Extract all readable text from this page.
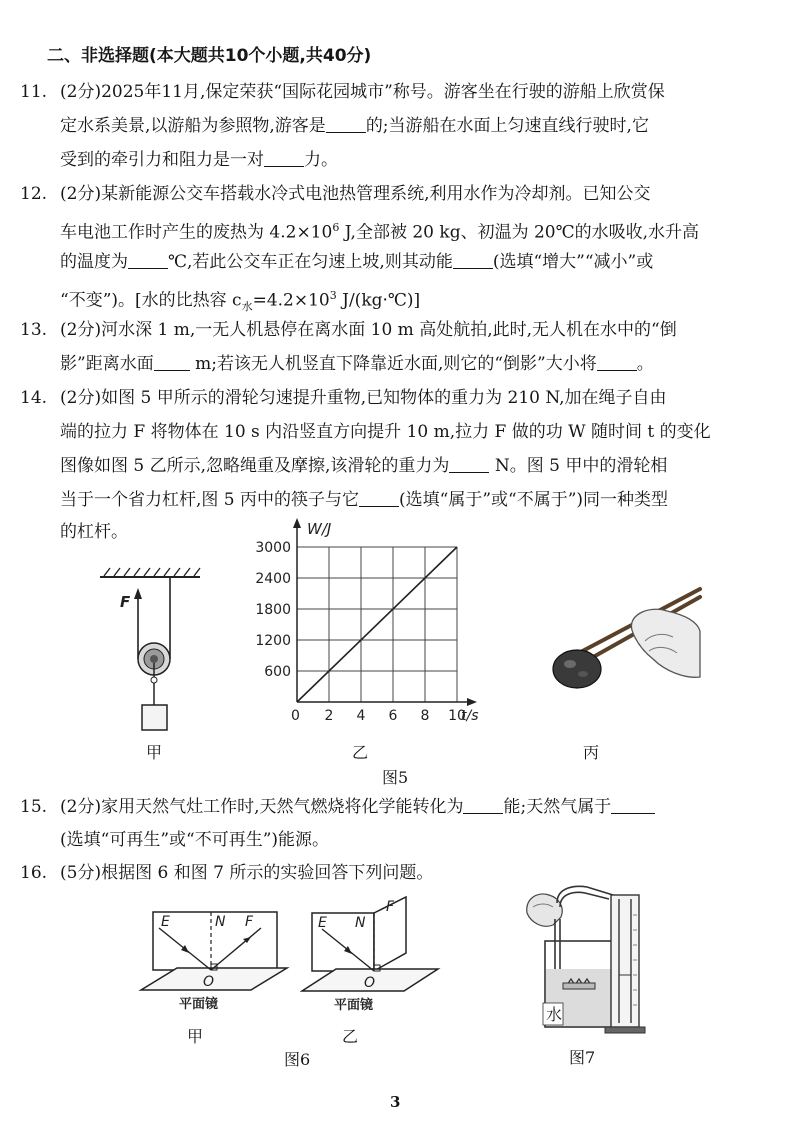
二、非选择题(本大题共10个小题,共40分)
11. (2分)2025年11月,保定荣获“国际花园城市”称号。游客坐在行驶的游船上欣赏保
定水系美景,以游船为参照物,游客是 的;当游船在水面上匀速直线行驶时,它
受到的牵引力和阻力是一对 力。
12. (2分)某新能源公交车搭载水冷式电池热管理系统,利用水作为冷却剂。已知公交
车电池工作时产生的废热为 $4.2\times 10^6$ J,全部被 20 kg、初温为 20℃的水吸收,水升高
的温度为 ℃,若此公交车正在匀速上坡,则其动能 (选填“增大”“减小”或
“不变”)。[水的比热容 $c_水=4.2\times 10^3$ J/(kg·℃)]
13. (2分)河水深 1 m,一无人机悬停在离水面 10 m 高处航拍,此时,无人机在水中的“倒
影”距离水面 m;若该无人机竖直下降靠近水面,则它的“倒影”大小将 。
14. (2分)如图 5 甲所示的滑轮匀速提升重物,已知物体的重力为 210 N,加在绳子自由
端的拉力 F 将物体在 10 s 内沿竖直方向提升 10 m,拉力 F 做的功 W 随时间 t 的变化
图像如图 5 乙所示,忽略绳重及摩擦,该滑轮的重力为 N。图 5 甲中的滑轮相
当于一个省力杠杆,图 5 丙中的筷子与它 (选填“属于”或“不属于”)同一种类型
的杠杆。
F
甲
W/J
t/s
0 2 4 6 8 10
600
1200
1800
2400
3000
乙	丙
图5
15. (2分)家用天然气灶工作时,天然气燃烧将化学能转化为 能;天然气属于
(选填“可再生”或“不可再生”)能源。
16. (5分)根据图 6 和图 7 所示的实验回答下列问题。
E	N F
O
平面镜
甲
E N
F
O
平面镜
乙
图6
水
图7
3
